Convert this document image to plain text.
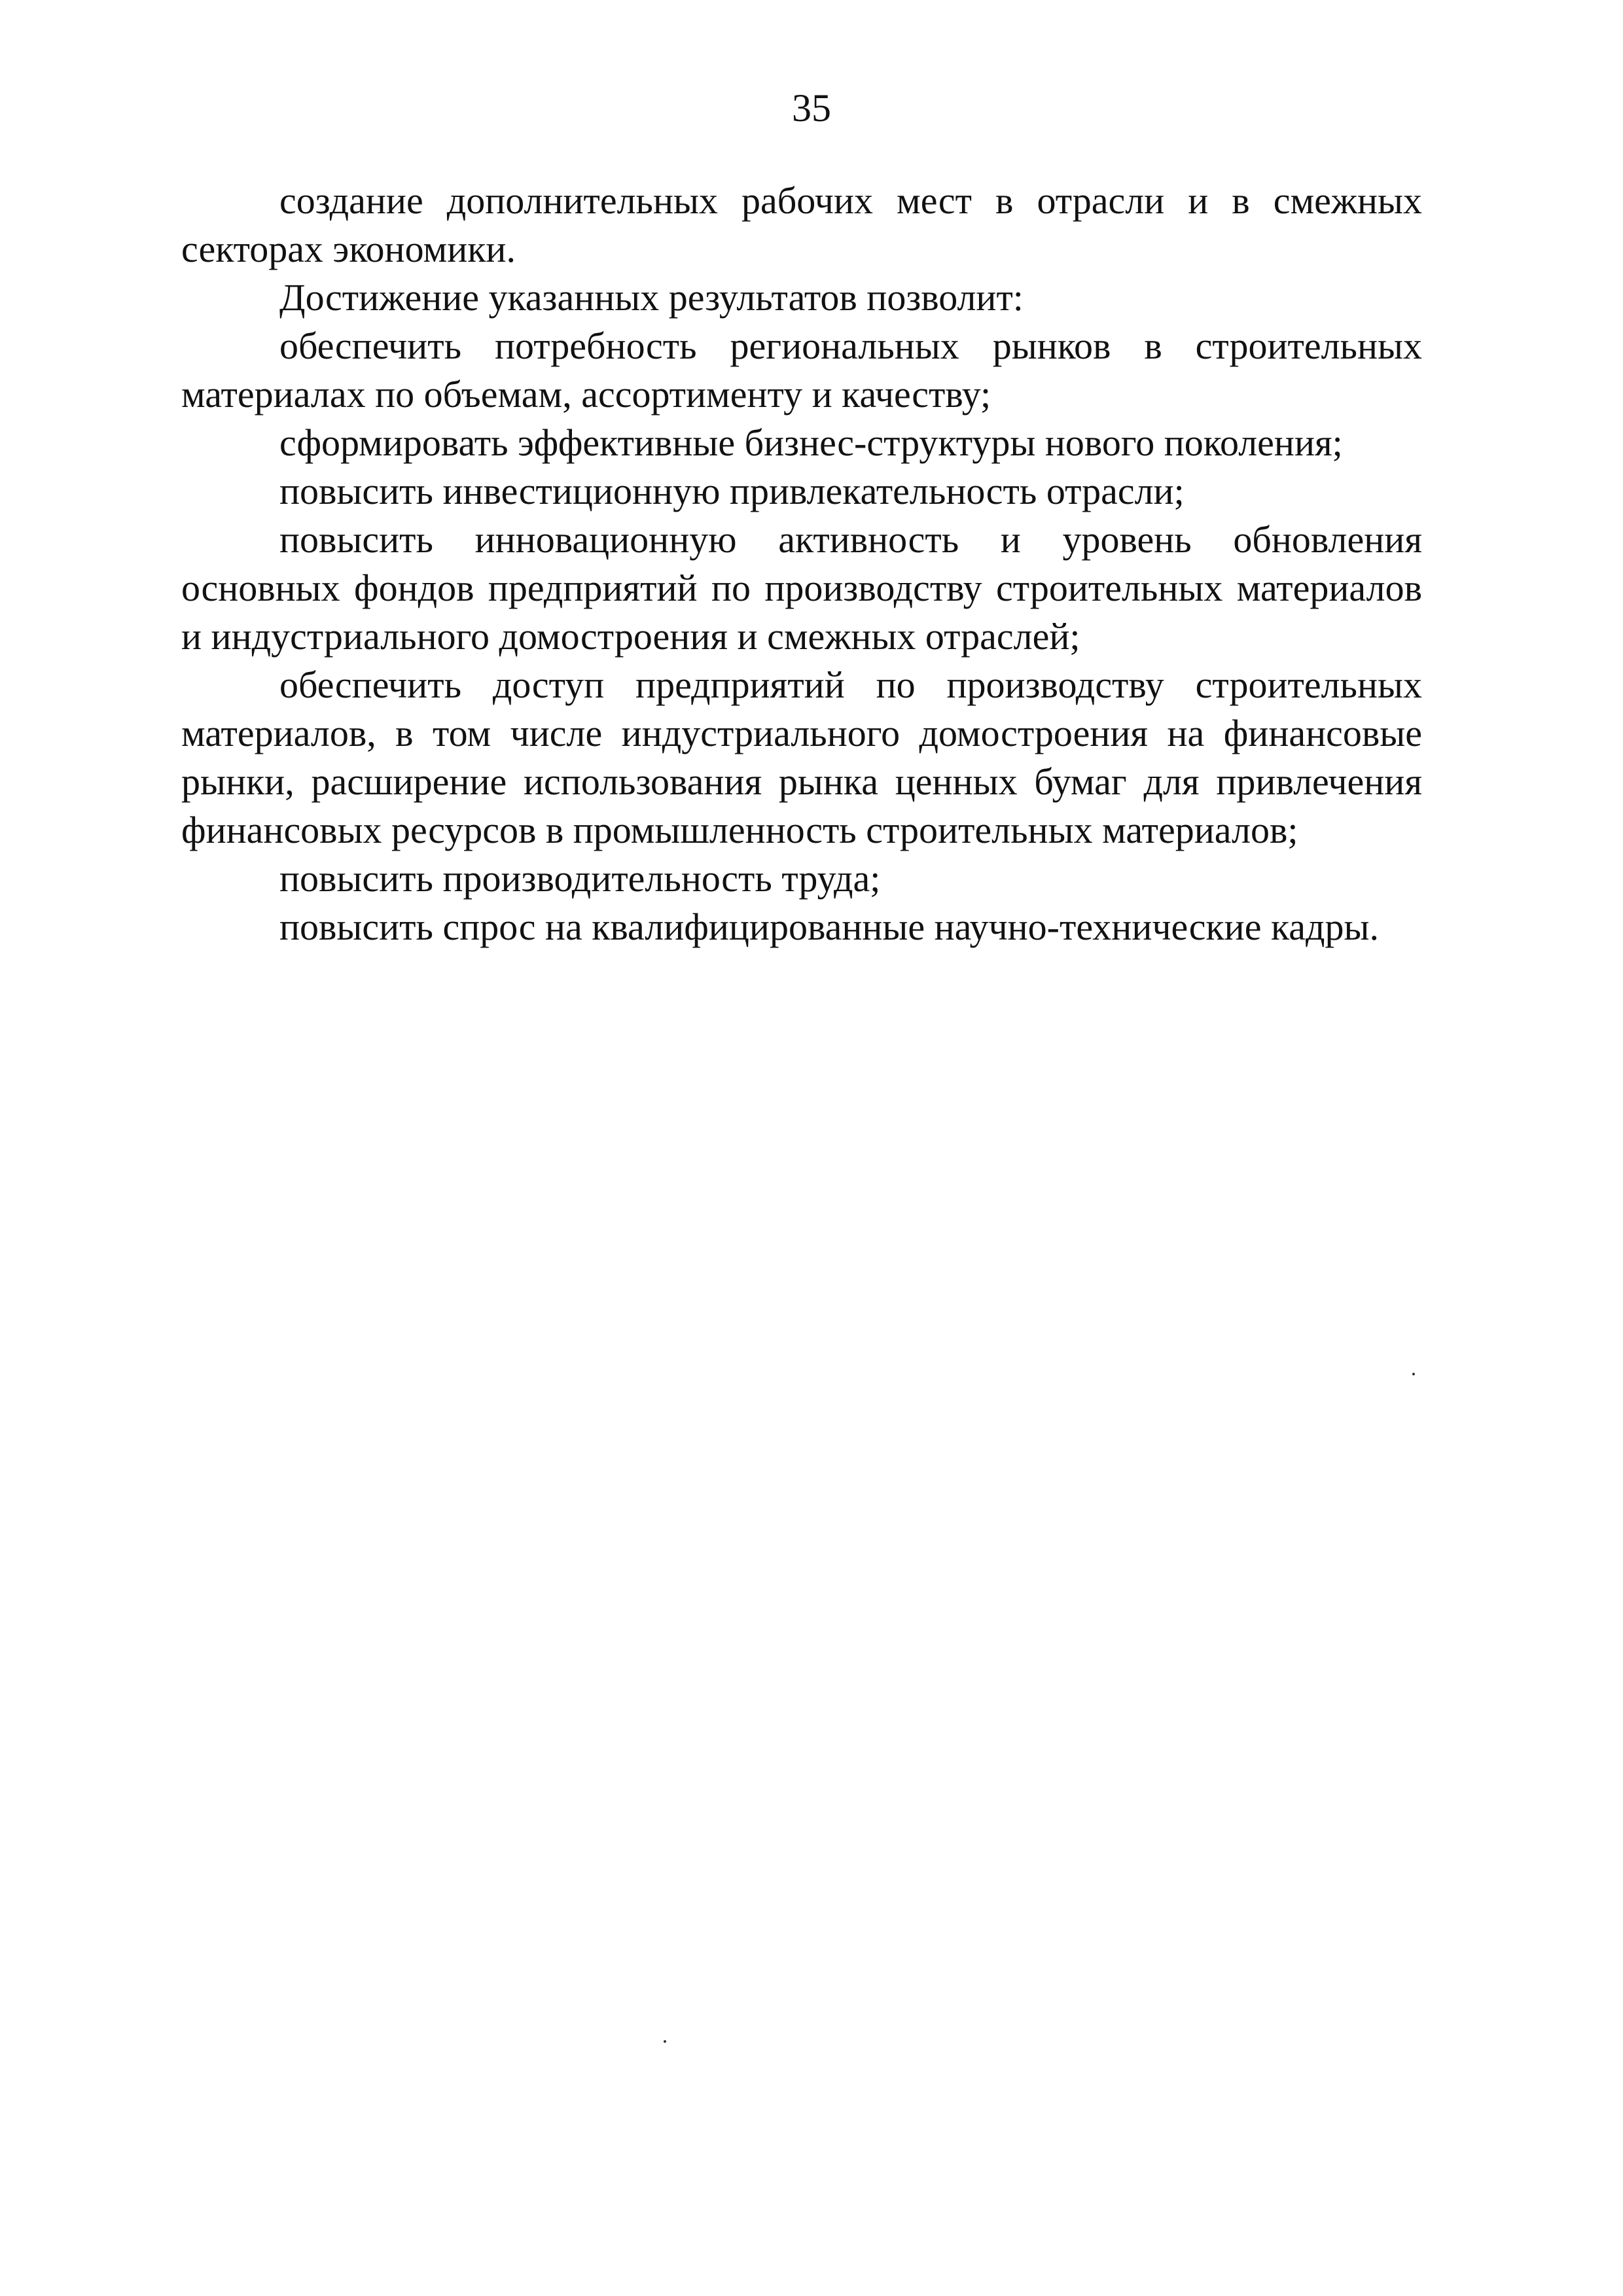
35

создание дополнительных рабочих мест в отрасли и в смежных секторах экономики.

Достижение указанных результатов позволит:

обеспечить потребность региональных рынков в строительных материалах по объемам, ассортименту и качеству;

сформировать эффективные бизнес-структуры нового поколения;

повысить инвестиционную привлекательность отрасли;

повысить инновационную активность и уровень обновления основных фондов предприятий по производству строительных материалов и индустриального домостроения и смежных отраслей;

обеспечить доступ предприятий по производству строительных материалов, в том числе индустриального домостроения на финансовые рынки, расширение использования рынка ценных бумаг для привлечения финансовых ресурсов в промышленность строительных материалов;

повысить производительность труда;

повысить спрос на квалифицированные научно-технические кадры.
